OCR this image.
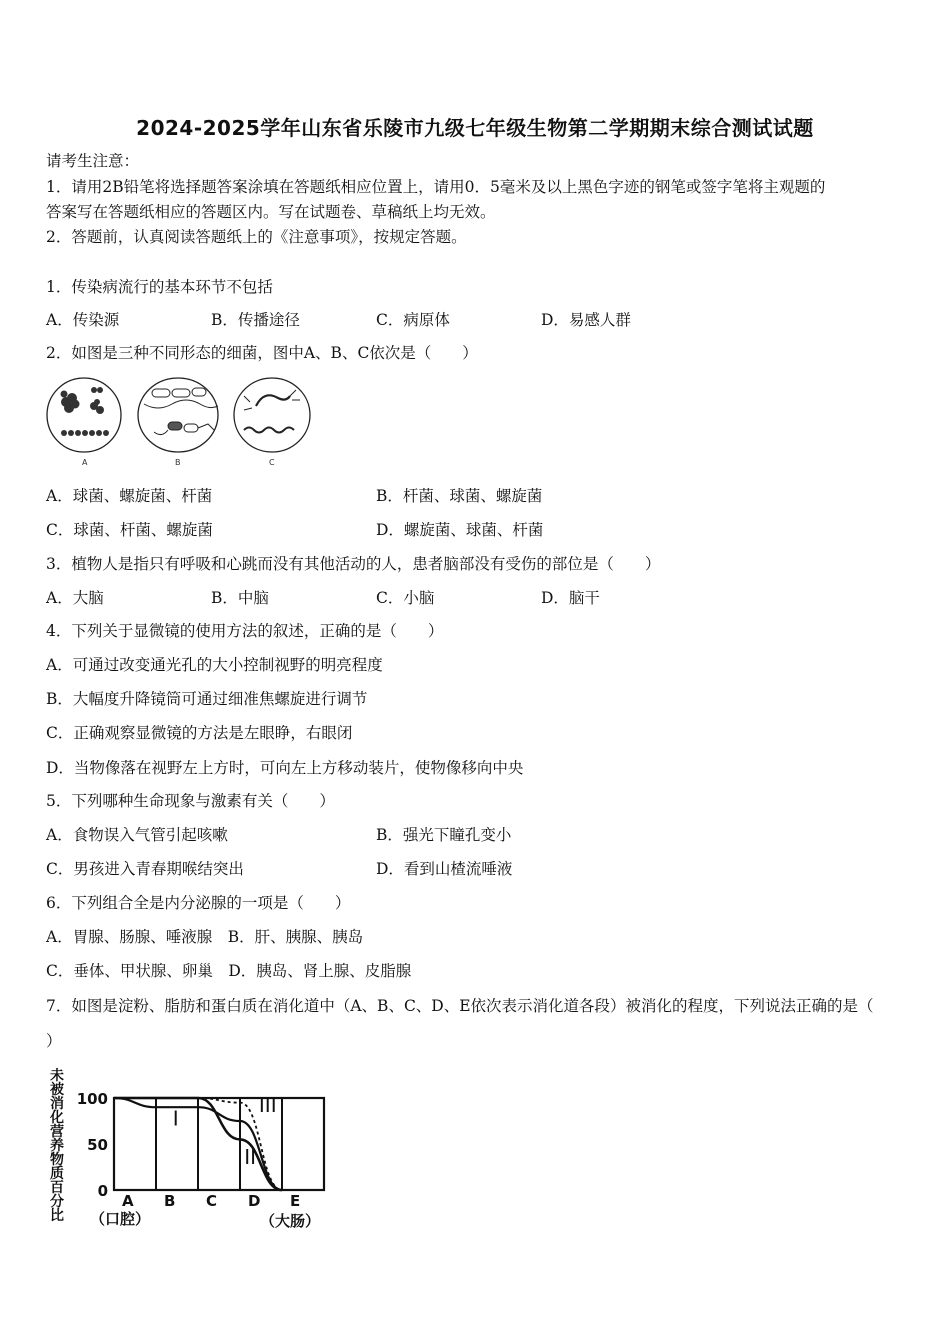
2024-2025学年山东省乐陵市九级七年级生物第二学期期末综合测试试题
请考生注意：
1．请用2B铅笔将选择题答案涂填在答题纸相应位置上，请用0．5毫米及以上黑色字迹的钢笔或签字笔将主观题的
答案写在答题纸相应的答题区内。写在试题卷、草稿纸上均无效。
2．答题前，认真阅读答题纸上的《注意事项》，按规定答题。
1．传染病流行的基本环节不包括
A．传染源	B．传播途径	C．病原体	D．易感人群
2．如图是三种不同形态的细菌，图中A、B、C依次是（　　）
A	B	C
A．球菌、螺旋菌、杆菌	B．杆菌、球菌、螺旋菌
C．球菌、杆菌、螺旋菌	D．螺旋菌、球菌、杆菌
3．植物人是指只有呼吸和心跳而没有其他活动的人，患者脑部没有受伤的部位是（　　）
A．大脑	B．中脑	C．小脑	D．脑干
4．下列关于显微镜的使用方法的叙述，正确的是（　　）
A．可通过改变通光孔的大小控制视野的明亮程度
B．大幅度升降镜筒可通过细准焦螺旋进行调节
C．正确观察显微镜的方法是左眼睁，右眼闭
D．当物像落在视野左上方时，可向左上方移动装片，使物像移向中央
5．下列哪种生命现象与激素有关（　　）
A．食物误入气管引起咳嗽	B．强光下瞳孔变小
C．男孩进入青春期喉结突出	D．看到山楂流唾液
6．下列组合全是内分泌腺的一项是（　　）
A．胃腺、肠腺、唾液腺　B．肝、胰腺、胰岛
C．垂体、甲状腺、卵巢　D．胰岛、肾上腺、皮脂腺
7．如图是淀粉、脂肪和蛋白质在消化道中（A、B、C、D、E依次表示消化道各段）被消化的程度，下列说法正确的是（
）
未
被
消
化
营
养
物
质
百
分
比
100
50
0
I
II
III
A B C D E
（口腔）	（大肠）
